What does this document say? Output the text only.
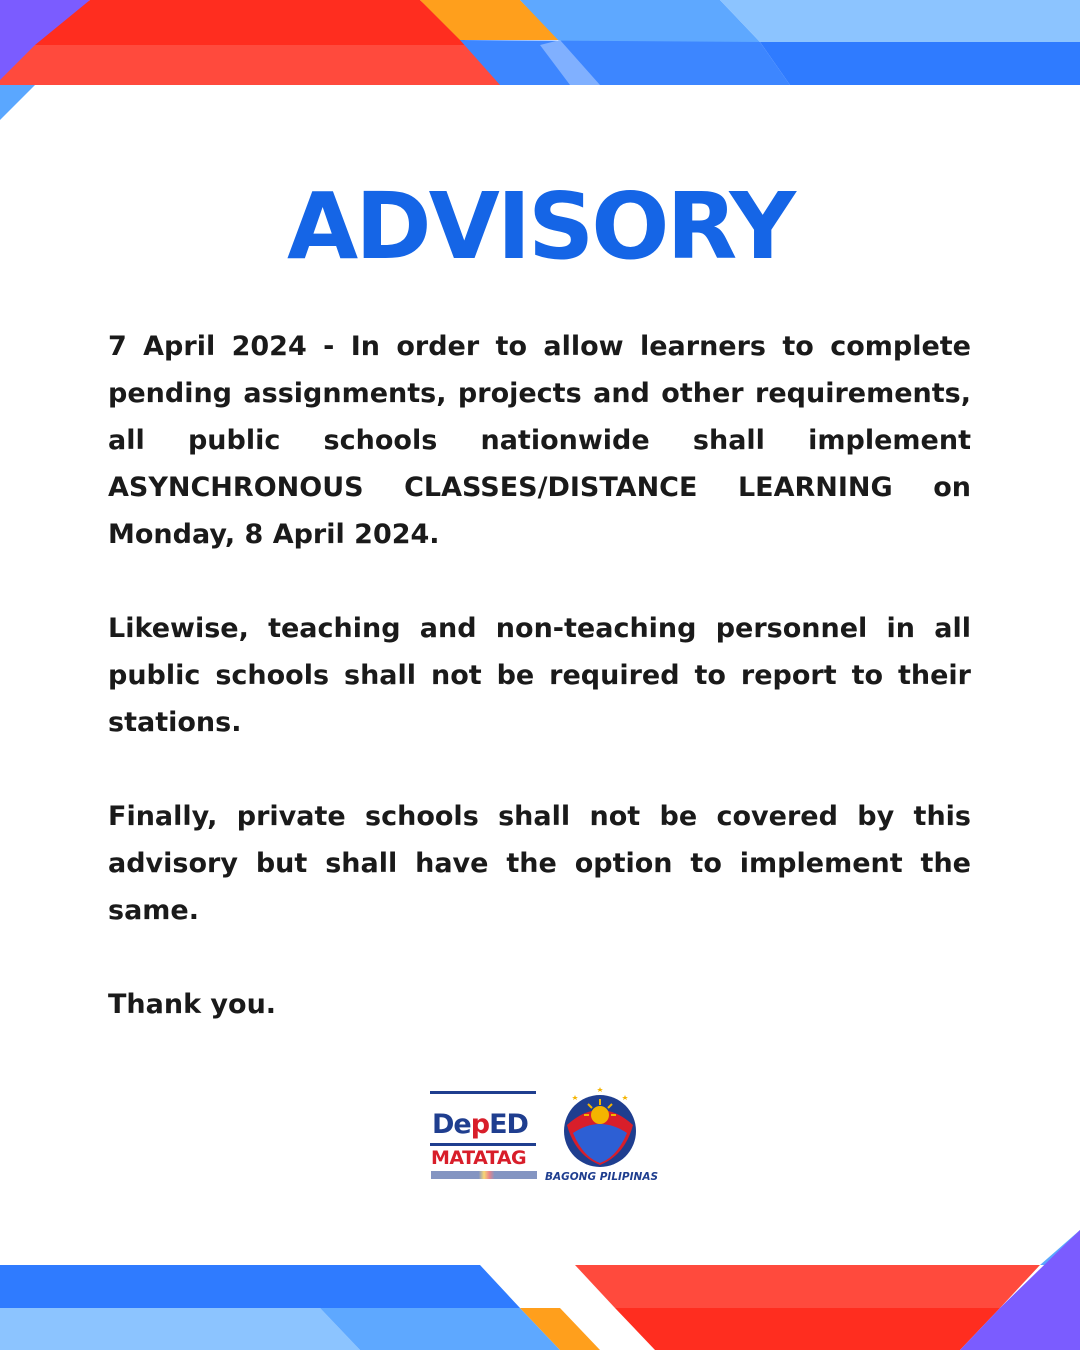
ADVISORY

7 April 2024 - In order to allow learners to complete pending assignments, projects and other requirements, all public schools nationwide shall implement ASYNCHRONOUS CLASSES/DISTANCE LEARNING on Monday, 8 April 2024.

Likewise, teaching and non-teaching personnel in all public schools shall not be required to report to their stations.

Finally, private schools shall not be covered by this advisory but shall have the option to implement the same.

Thank you.

DepED
MATATAG
BAGONG PILIPINAS
